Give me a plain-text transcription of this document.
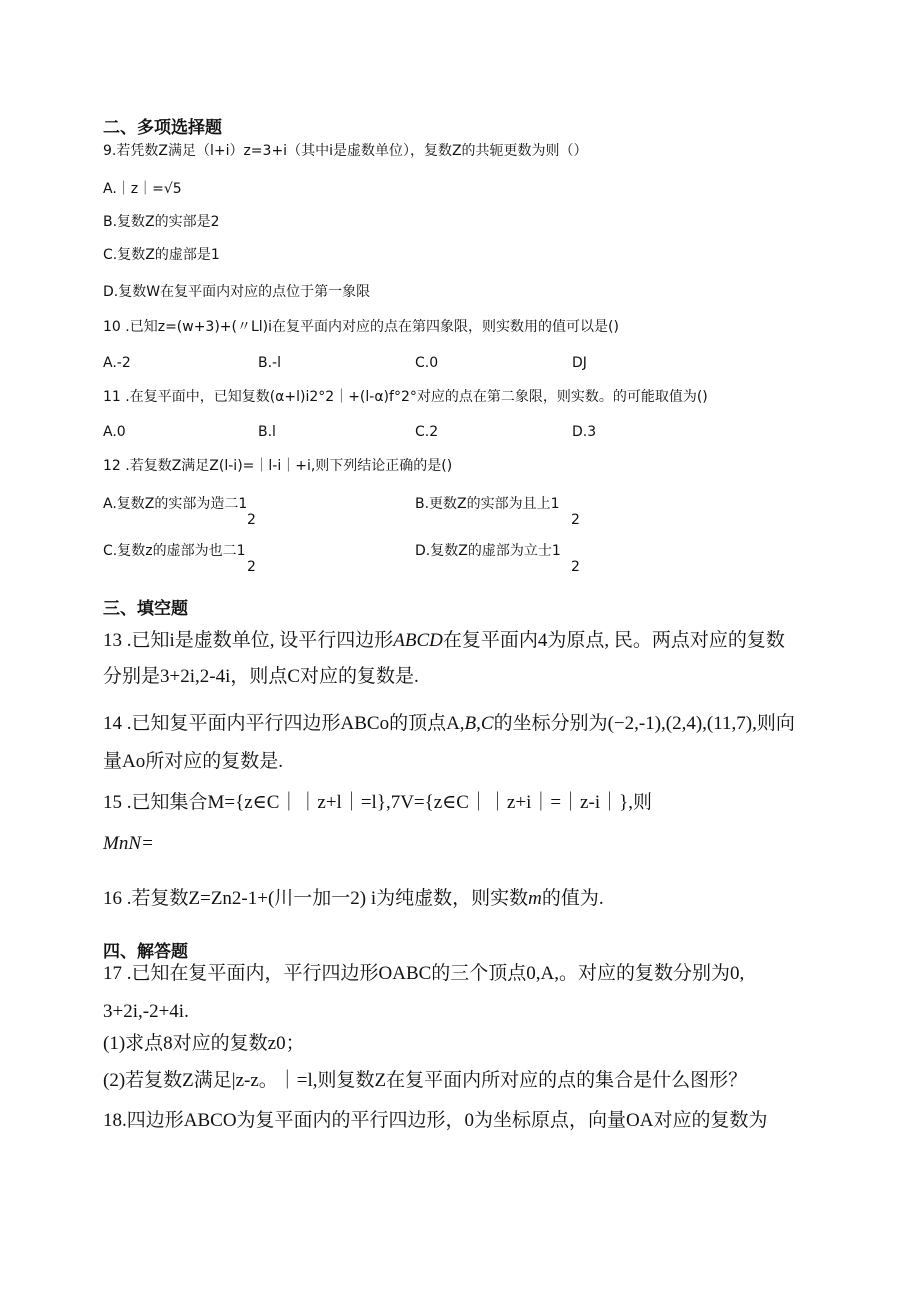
二、多项选择题
9.若凭数Z满足（l+i）z=3+i（其中i是虚数单位），复数Z的共轭更数为则（）
A.｜z｜=√5
B.复数Z的实部是2
C.复数Z的虚部是1
D.复数W在复平面内对应的点位于第一象限
10 .已知z=(w+3)+(〃Ll)i在复平面内对应的点在第四象限，则实数用的值可以是()
A.-2	B.-l	C.0	DJ
11 .在复平面中，已知复数(α+l)i2°2｜+(l-α)f°2°对应的点在第二象限，则实数。的可能取值为()
A.0	B.l	C.2	D.3
12 .若复数Z满足Z(l-i)=｜l-i｜+i,则下列结论正确的是()
A.复数Z的实部为造二1
2
B.更数Z的实部为且上1
2
C.复数z的虚部为也二1
2
D.复数Z的虚部为立士1
2
三、填空题
13 .已知i是虚数单位, 设平行四边形ABCD在复平面内4为原点, 民。两点对应的复数
分别是3+2i,2-4i，则点C对应的复数是.
14 .已知复平面内平行四边形ABCo的顶点A,B,C的坐标分别为(−2,-1),(2,4),(11,7),则向
量Ao所对应的复数是.
15 .已知集合M={z∈C｜｜z+l｜=l},7V={z∈C｜｜z+i｜=｜z-i｜},则
MnN=
16 .若复数Z=Zn2-1+(川一加一2) i为纯虚数，则实数m的值为.
四、解答题
17 .已知在复平面内，平行四边形OABC的三个顶点0,A,。对应的复数分别为0,
3+2i,-2+4i.
(1)求点8对应的复数z0；
(2)若复数Z满足|z-z。｜=l,则复数Z在复平面内所对应的点的集合是什么图形？
18.四边形ABCO为复平面内的平行四边形，0为坐标原点，向量OA对应的复数为
